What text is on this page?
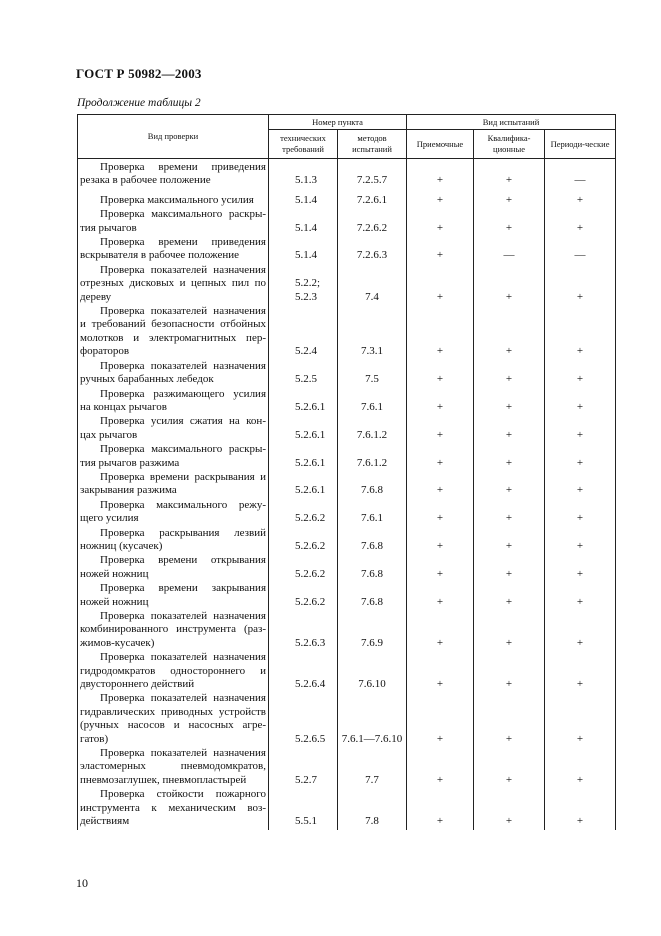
ГОСТ Р 50982—2003
Продолжение таблицы 2
Вид проверки	Номер пункта		Вид испытаний		
	технических требований	методов испытаний	Приемочные	Квалифика-ционные	Периоди-ческие

Проверка времени приведения резака в рабочее положение	5.1.3	7.2.5.7	+	+	—

Проверка максимального усилия	5.1.4	7.2.6.1	+	+	+

Проверка максимального раскры-тия рычагов	5.1.4	7.2.6.2	+	+	+

Проверка времени приведения вскрывателя в рабочее положение	5.1.4	7.2.6.3	+	—	—

Проверка показателей назначения отрезных дисковых и цепных пил по дереву	5.2.2;
5.2.3	7.4	+	+	+

Проверка показателей назначения и требований безопасности отбойных молотков и электромагнитных пер-фораторов	5.2.4	7.3.1	+	+	+

Проверка показателей назначения ручных барабанных лебедок	5.2.5	7.5	+	+	+

Проверка разжимающего усилия на концах рычагов	5.2.6.1	7.6.1	+	+	+

Проверка усилия сжатия на кон-цах рычагов	5.2.6.1	7.6.1.2	+	+	+

Проверка максимального раскры-тия рычагов разжима	5.2.6.1	7.6.1.2	+	+	+

Проверка времени раскрывания и закрывания разжима	5.2.6.1	7.6.8	+	+	+

Проверка максимального режу-щего усилия	5.2.6.2	7.6.1	+	+	+

Проверка раскрывания лезвий ножниц (кусачек)	5.2.6.2	7.6.8	+	+	+

Проверка времени открывания ножей ножниц	5.2.6.2	7.6.8	+	+	+

Проверка времени закрывания ножей ножниц	5.2.6.2	7.6.8	+	+	+

Проверка показателей назначения комбинированного инструмента (раз-жимов-кусачек)	5.2.6.3	7.6.9	+	+	+

Проверка показателей назначения гидродомкратов одностороннего и двустороннего действий	5.2.6.4	7.6.10	+	+	+

Проверка показателей назначения гидравлических приводных устройств (ручных насосов и насосных агре-гатов)	5.2.6.5	7.6.1—7.6.10	+	+	+

Проверка показателей назначения эластомерных пневмодомкратов, пневмозаглушек, пневмопластырей	5.2.7	7.7	+	+	+

Проверка стойкости пожарного инструмента к механическим воз-действиям	5.5.1	7.8	+	+	+
10
